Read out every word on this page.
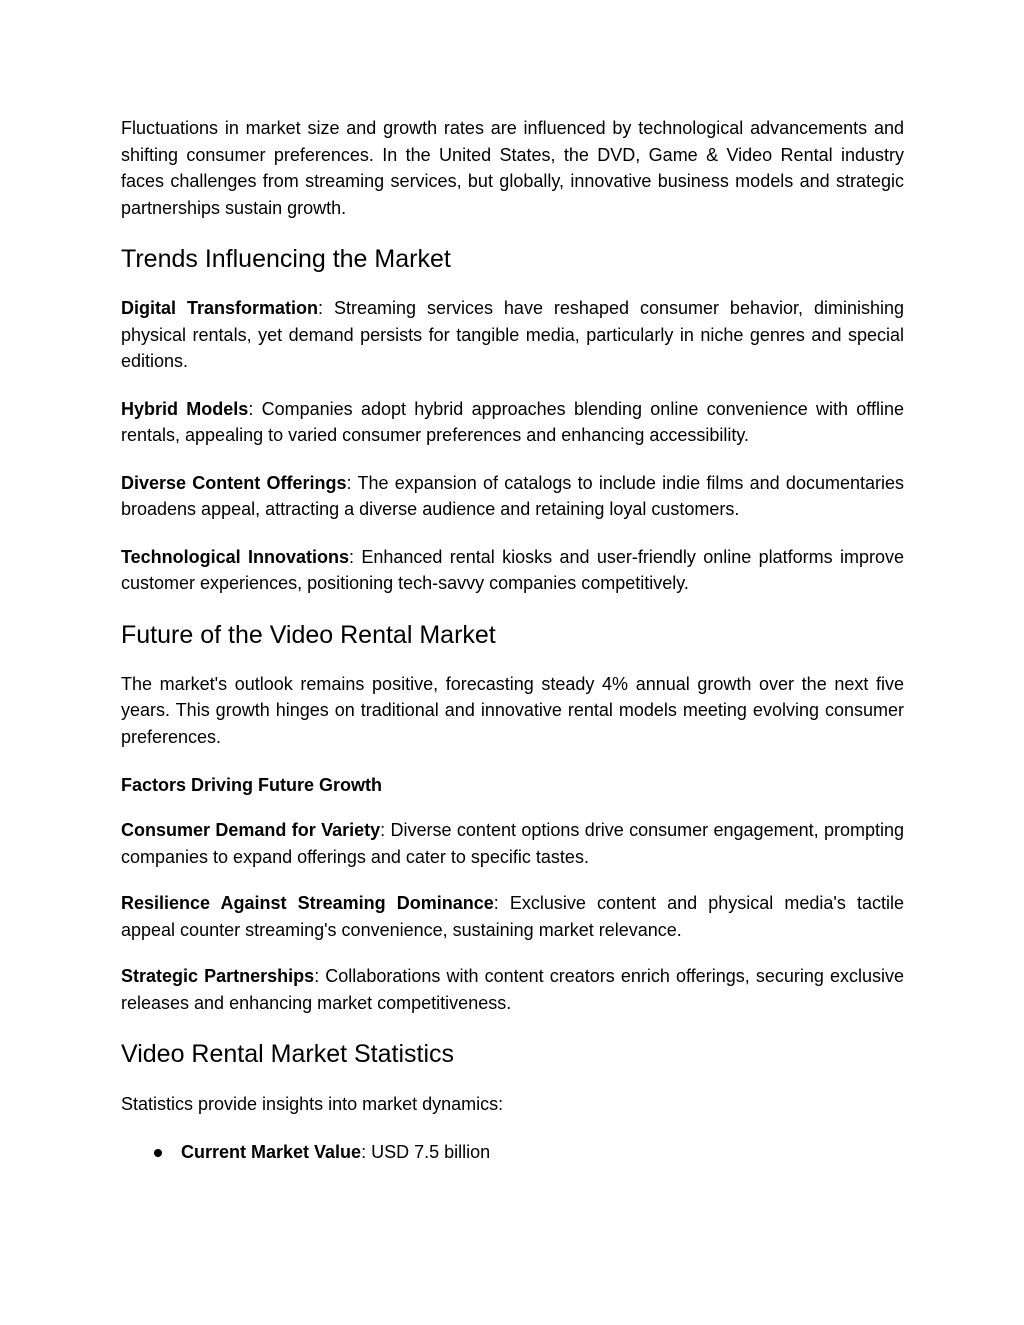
Fluctuations in market size and growth rates are influenced by technological advancements and shifting consumer preferences. In the United States, the DVD, Game & Video Rental industry faces challenges from streaming services, but globally, innovative business models and strategic partnerships sustain growth.

Trends Influencing the Market

Digital Transformation: Streaming services have reshaped consumer behavior, diminishing physical rentals, yet demand persists for tangible media, particularly in niche genres and special editions.

Hybrid Models: Companies adopt hybrid approaches blending online convenience with offline rentals, appealing to varied consumer preferences and enhancing accessibility.

Diverse Content Offerings: The expansion of catalogs to include indie films and documentaries broadens appeal, attracting a diverse audience and retaining loyal customers.

Technological Innovations: Enhanced rental kiosks and user-friendly online platforms improve customer experiences, positioning tech-savvy companies competitively.

Future of the Video Rental Market

The market's outlook remains positive, forecasting steady 4% annual growth over the next five years. This growth hinges on traditional and innovative rental models meeting evolving consumer preferences.

Factors Driving Future Growth

Consumer Demand for Variety: Diverse content options drive consumer engagement, prompting companies to expand offerings and cater to specific tastes.

Resilience Against Streaming Dominance: Exclusive content and physical media's tactile appeal counter streaming's convenience, sustaining market relevance.

Strategic Partnerships: Collaborations with content creators enrich offerings, securing exclusive releases and enhancing market competitiveness.

Video Rental Market Statistics

Statistics provide insights into market dynamics:

Current Market Value: USD 7.5 billion
